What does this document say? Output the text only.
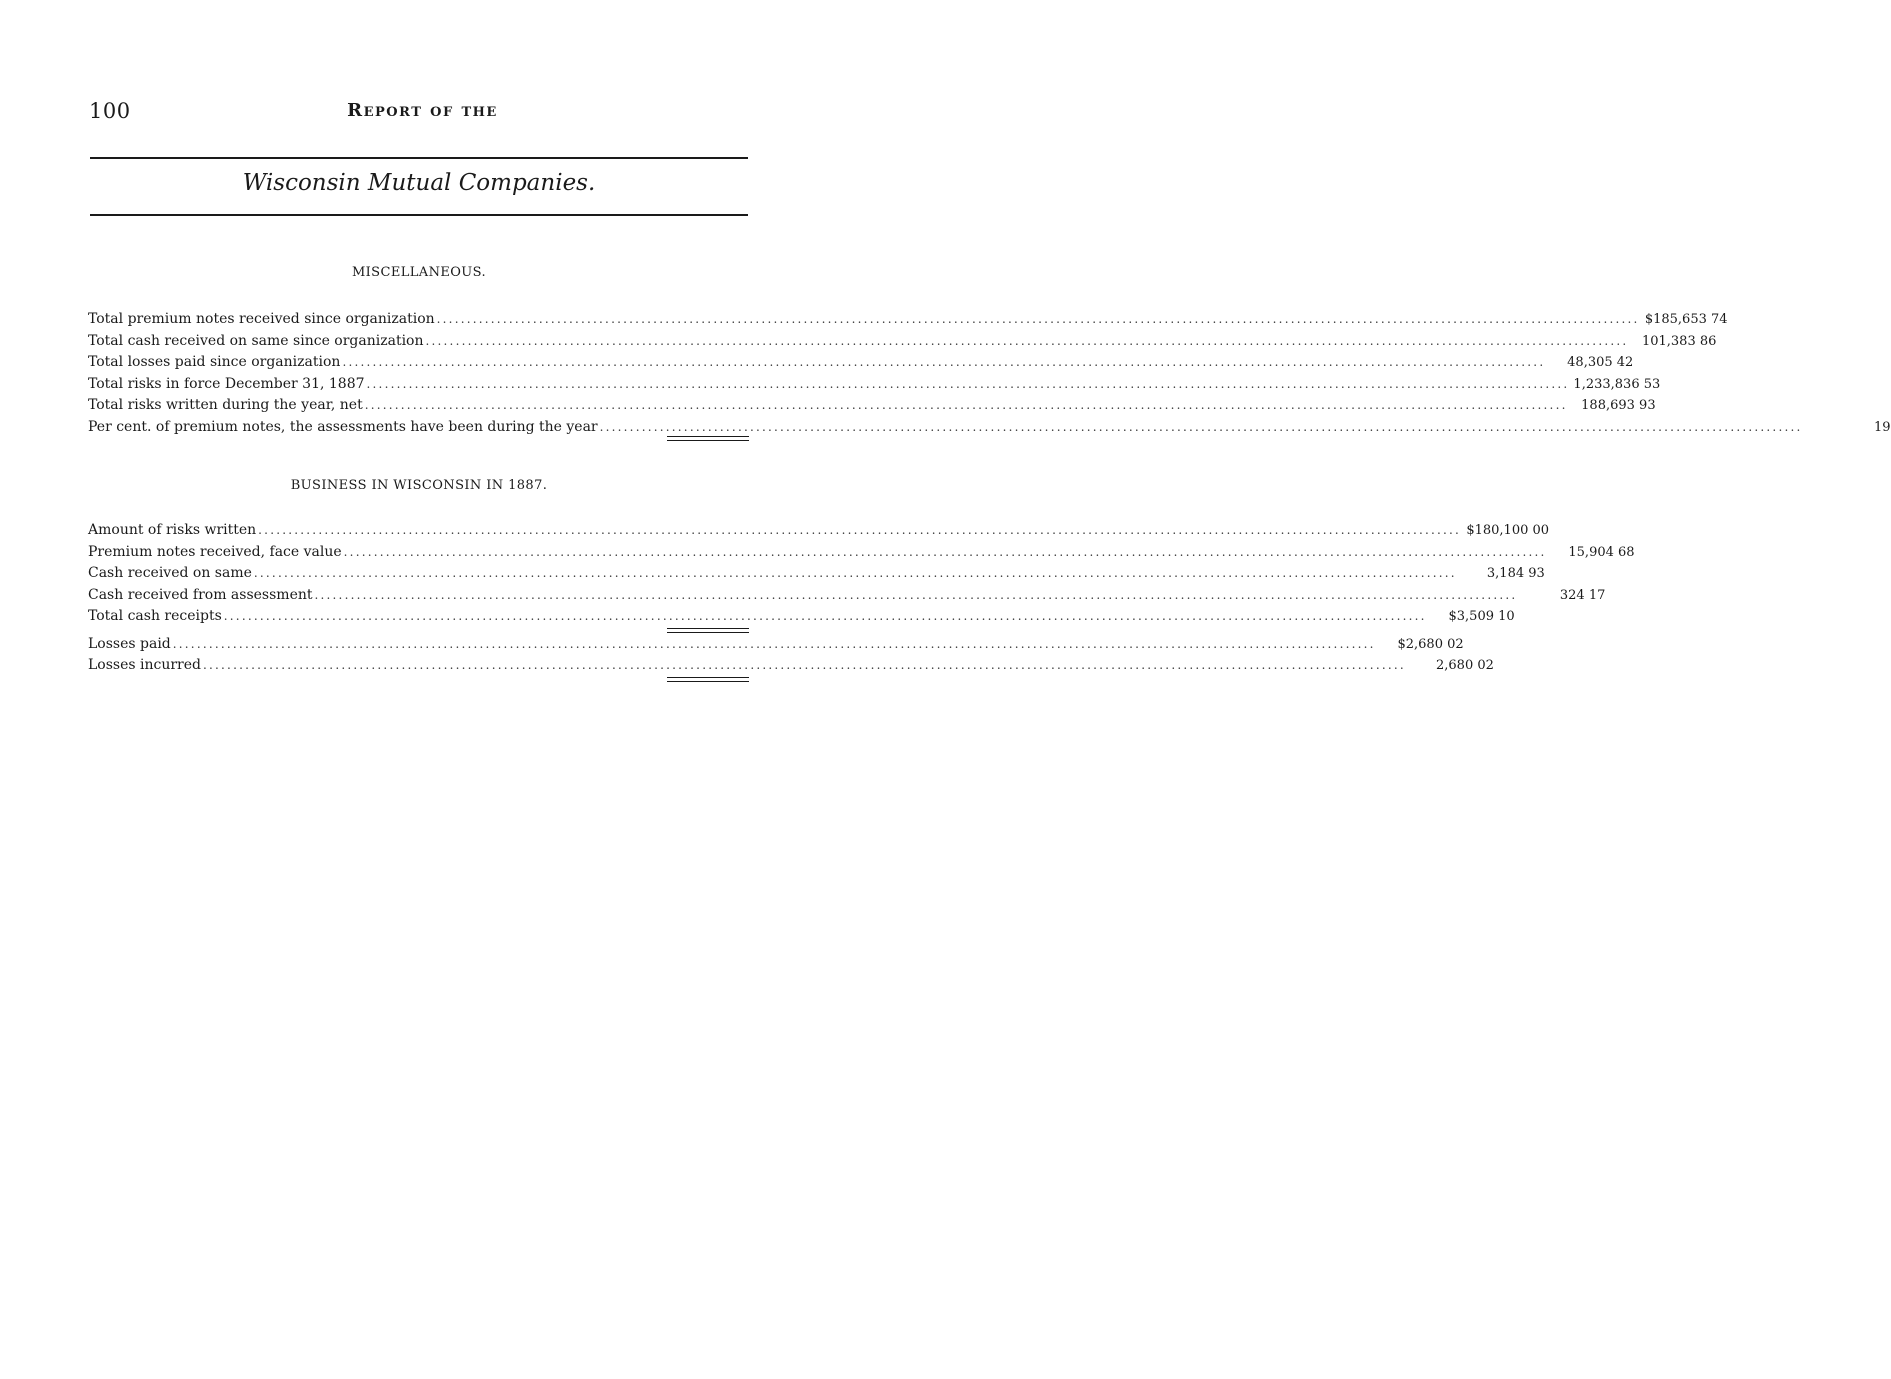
100	Report of the
Wisconsin Mutual Companies.
MISCELLANEOUS.
Total premium notes received since organization ........................................................................................................................................................................................................ $185,653 74
Total cash received on same since organization ........................................................................................................................................................................................................	101,383 86
Total losses paid since organization ........................................................................................................................................................................................................	48,305 42
Total risks in force December 31, 1887 ........................................................................................................................................................................................................ 1,233,836 53
Total risks written during the year, net ........................................................................................................................................................................................................	188,693 93
Per cent. of premium notes, the assessments have been during the year ........................................................................................................................................................................................................	19
BUSINESS IN WISCONSIN IN 1887.
Amount of risks written ........................................................................................................................................................................................................ $180,100 00
Premium notes received, face value ........................................................................................................................................................................................................	15,904 68
Cash received on same ........................................................................................................................................................................................................	3,184 93
Cash received from assessment ........................................................................................................................................................................................................	324 17
Total cash receipts ........................................................................................................................................................................................................	$3,509 10
Losses paid ........................................................................................................................................................................................................	$2,680 02
Losses incurred ........................................................................................................................................................................................................	2,680 02
